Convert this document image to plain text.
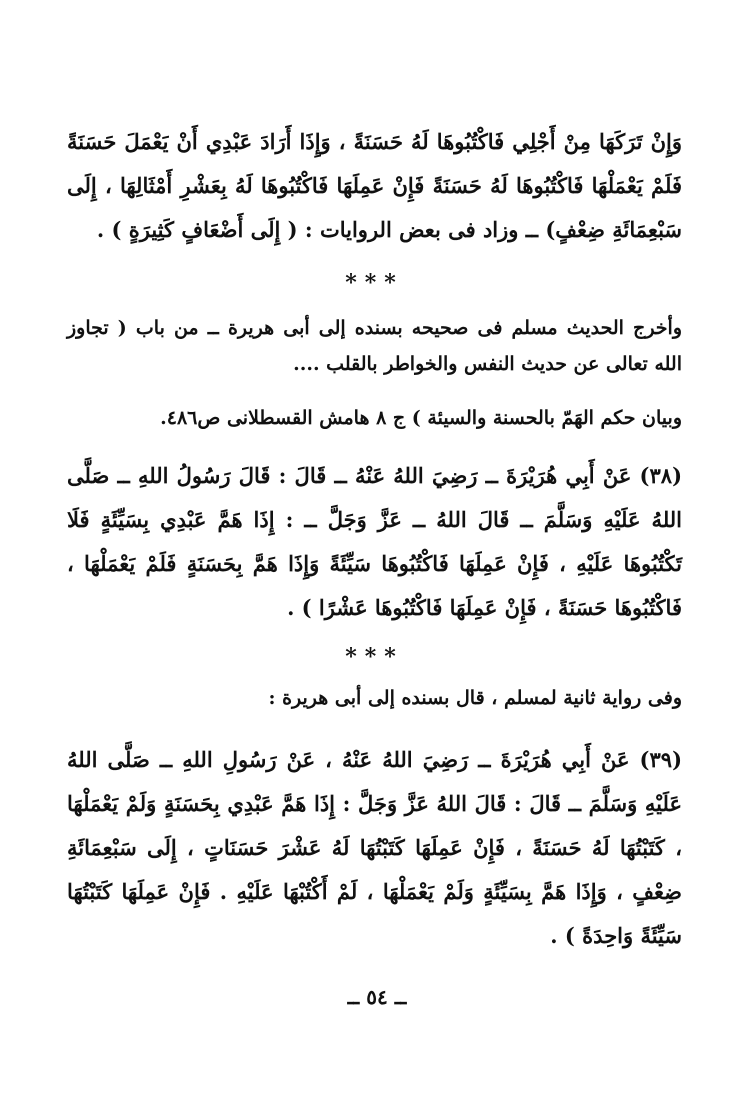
وَإِنْ تَرَكَهَا مِنْ أَجْلِي فَاكْتُبُوهَا لَهُ حَسَنَةً ، وَإِذَا أَرَادَ عَبْدِي أَنْ يَعْمَلَ حَسَنَةً فَلَمْ يَعْمَلْهَا فَاكْتُبُوهَا لَهُ حَسَنَةً فَإِنْ عَمِلَهَا فَاكْتُبُوهَا لَهُ بِعَشْرِ أَمْثَالِهَا ، إِلَى سَبْعِمَائَةِ ضِعْفٍ) ــ وزاد فى بعض الروايات : ( إِلَى أَضْعَافٍ كَثِيرَةٍ ) .

***

وأخرج الحديث مسلم فى صحيحه بسنده إلى أبى هريرة ــ من باب ( تجاوز الله تعالى عن حديث النفس والخواطر بالقلب ....

وبيان حكم الهَمّ بالحسنة والسيئة ) ج ٨ هامش القسطلانى ص٤٨٦.

(٣٨) عَنْ أَبِي هُرَيْرَةَ ــ رَضِيَ اللهُ عَنْهُ ــ قَالَ : قَالَ رَسُولُ اللهِ ــ صَلَّى اللهُ عَلَيْهِ وَسَلَّمَ ــ قَالَ اللهُ ــ عَزَّ وَجَلَّ ــ : إِذَا هَمَّ عَبْدِي بِسَيِّئَةٍ فَلَا تَكْتُبُوهَا عَلَيْهِ ، فَإِنْ عَمِلَهَا فَاكْتُبُوهَا سَيِّئَةً وَإِذَا هَمَّ بِحَسَنَةٍ فَلَمْ يَعْمَلْهَا ، فَاكْتُبُوهَا حَسَنَةً ، فَإِنْ عَمِلَهَا فَاكْتُبُوهَا عَشْرًا ) .

***

وفى رواية ثانية لمسلم ، قال بسنده إلى أبى هريرة :

(٣٩) عَنْ أَبِي هُرَيْرَةَ ــ رَضِيَ اللهُ عَنْهُ ، عَنْ رَسُولِ اللهِ ــ صَلَّى اللهُ عَلَيْهِ وَسَلَّمَ ــ قَالَ : قَالَ اللهُ عَزَّ وَجَلَّ : إِذَا هَمَّ عَبْدِي بِحَسَنَةٍ وَلَمْ يَعْمَلْهَا ، كَتَبْتُهَا لَهُ حَسَنَةً ، فَإِنْ عَمِلَهَا كَتَبْتُهَا لَهُ عَشْرَ حَسَنَاتٍ ، إِلَى سَبْعِمَائَةِ ضِعْفٍ ، وَإِذَا هَمَّ بِسَيِّئَةٍ وَلَمْ يَعْمَلْهَا ، لَمْ أَكْتُبْهَا عَلَيْهِ . فَإِنْ عَمِلَهَا كَتَبْتُهَا سَيِّئَةً وَاحِدَةً ) .

ــ ٥٤ ــ
